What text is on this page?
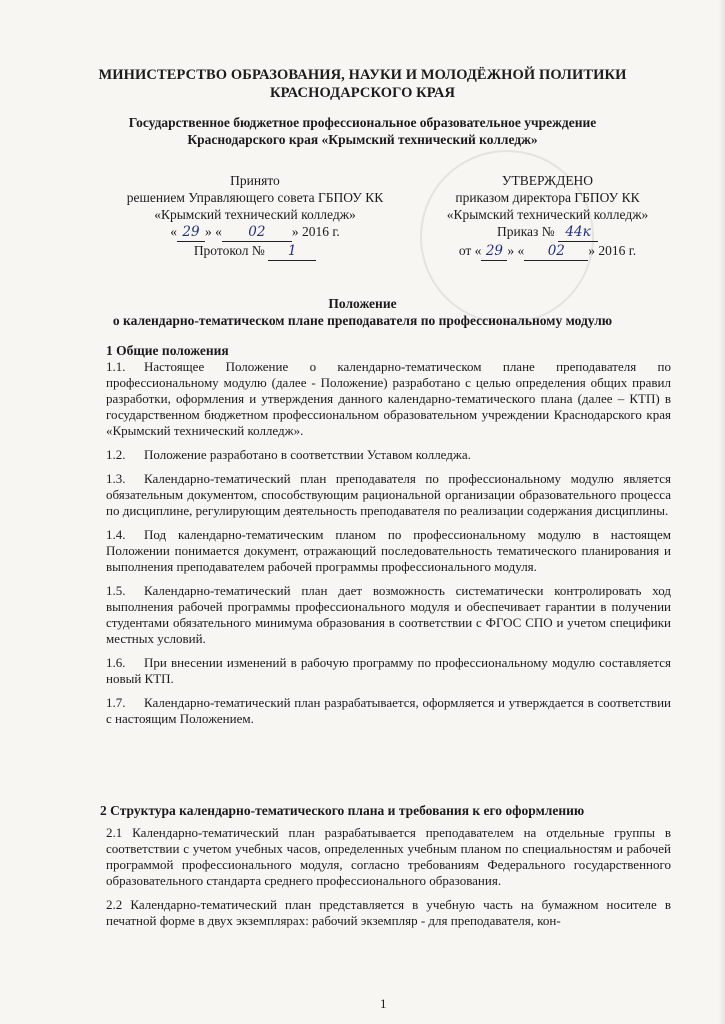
МИНИСТЕРСТВО ОБРАЗОВАНИЯ, НАУКИ И МОЛОДЁЖНОЙ ПОЛИТИКИ
КРАСНОДАРСКОГО КРАЯ
Государственное бюджетное профессиональное образовательное учреждение
Краснодарского края «Крымский технический колледж»
Принято
решением Управляющего совета ГБПОУ КК
«Крымский технический колледж»
« 29 » « 02 » 2016 г.
Протокол № 1
УТВЕРЖДЕНО
приказом директора ГБПОУ КК
«Крымский технический колледж»
Приказ № 44к
от « 29 » « 02 » 2016 г.
Положение
о календарно-тематическом плане преподавателя по профессиональному модулю
1 Общие положения
1.1. Настоящее Положение о календарно-тематическом плане преподавателя по профессиональному модулю (далее - Положение) разработано с целью определения общих правил разработки, оформления и утверждения данного календарно-тематического плана (далее – КТП) в государственном бюджетном профессиональном образовательном учреждении Краснодарского края «Крымский технический колледж».
1.2. Положение разработано в соответствии Уставом колледжа.
1.3. Календарно-тематический план преподавателя по профессиональному модулю является обязательным документом, способствующим рациональной организации образовательного процесса по дисциплине, регулирующим деятельность преподавателя по реализации содержания дисциплины.
1.4. Под календарно-тематическим планом по профессиональному модулю в настоящем Положении понимается документ, отражающий последовательность тематического планирования и выполнения преподавателем рабочей программы профессионального модуля.
1.5. Календарно-тематический план дает возможность систематически контролировать ход выполнения рабочей программы профессионального модуля и обеспечивает гарантии в получении студентами обязательного минимума образования в соответствии с ФГОС СПО и учетом специфики местных условий.
1.6. При внесении изменений в рабочую программу по профессиональному модулю составляется новый КТП.
1.7. Календарно-тематический план разрабатывается, оформляется и утверждается в соответствии с настоящим Положением.
2 Структура календарно-тематического плана и требования к его оформлению
2.1 Календарно-тематический план разрабатывается преподавателем на отдельные группы в соответствии с учетом учебных часов, определенных учебным планом по специальностям и рабочей программой профессионального модуля, согласно требованиям Федерального государственного образовательного стандарта среднего профессионального образования.
2.2 Календарно-тематический план представляется в учебную часть на бумажном носителе в печатной форме в двух экземплярах: рабочий экземпляр - для преподавателя, кон-
1
